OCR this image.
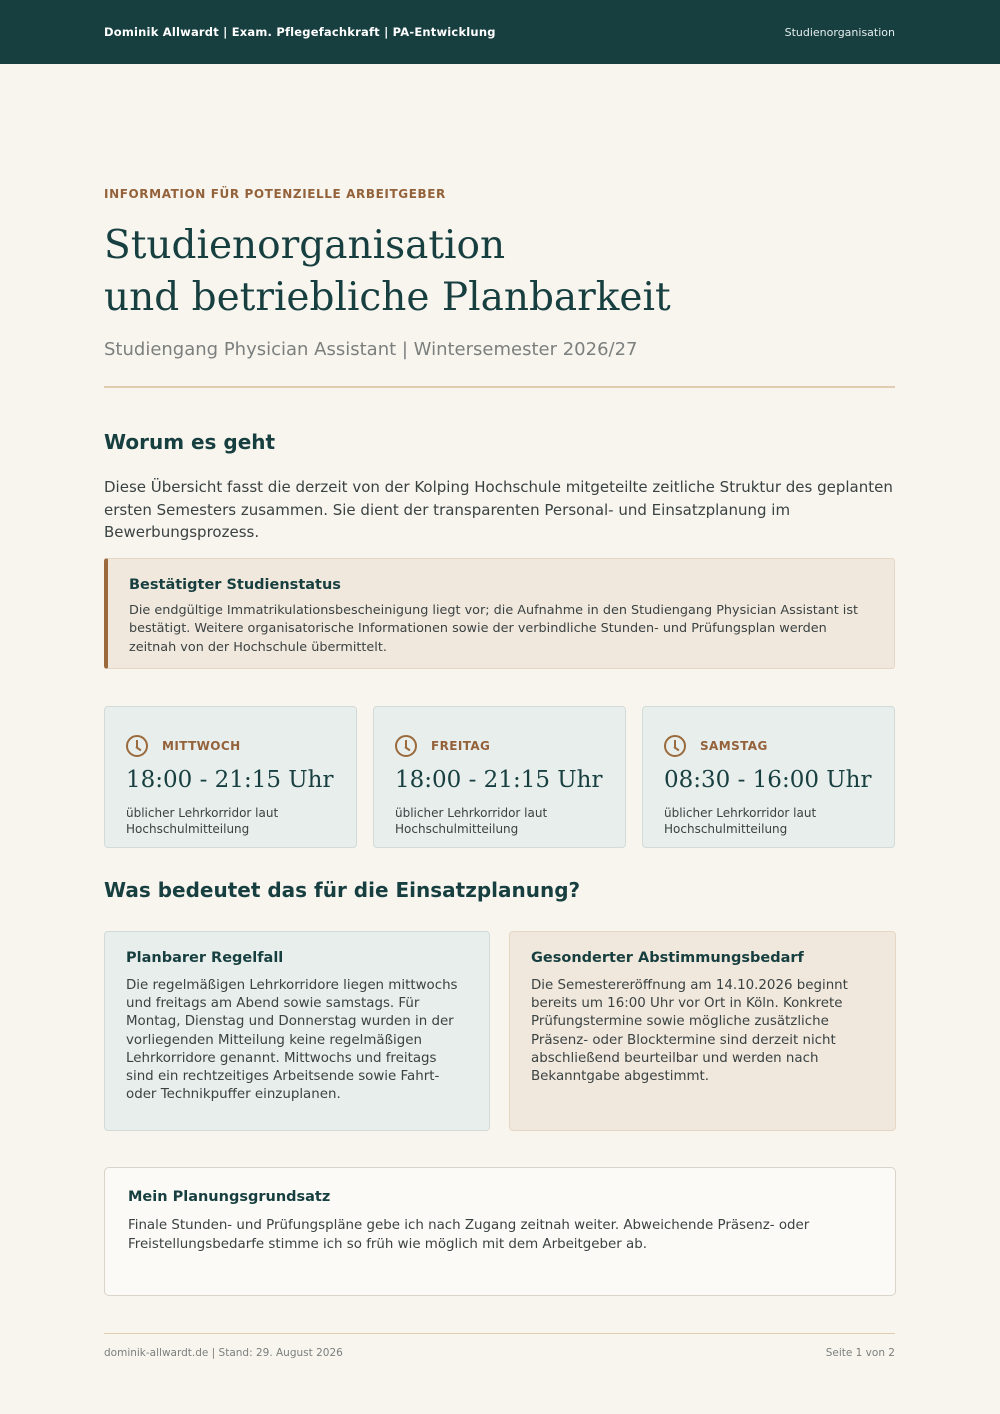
Dominik Allwardt | Exam. Pflegefachkraft | PA-Entwicklung	Studienorganisation
INFORMATION FÜR POTENZIELLE ARBEITGEBER
Studienorganisation
und betriebliche Planbarkeit
Studiengang Physician Assistant | Wintersemester 2026/27
Worum es geht

Diese Übersicht fasst die derzeit von der Kolping Hochschule mitgeteilte zeitliche Struktur des geplanten ersten Semesters zusammen. Sie dient der transparenten Personal- und Einsatzplanung im Bewerbungsprozess.

Bestätigter Studienstatus
Die endgültige Immatrikulationsbescheinigung liegt vor; die Aufnahme in den Studiengang Physician Assistant ist bestätigt. Weitere organisatorische Informationen sowie der verbindliche Stunden- und Prüfungsplan werden zeitnah von der Hochschule übermittelt.
MITTWOCH
18:00 - 21:15 Uhr
üblicher Lehrkorridor laut Hochschulmitteilung
FREITAG
18:00 - 21:15 Uhr
üblicher Lehrkorridor laut Hochschulmitteilung
SAMSTAG
08:30 - 16:00 Uhr
üblicher Lehrkorridor laut Hochschulmitteilung
Was bedeutet das für die Einsatzplanung?
Planbarer Regelfall
Die regelmäßigen Lehrkorridore liegen mittwochs und freitags am Abend sowie samstags. Für Montag, Dienstag und Donnerstag wurden in der vorliegenden Mitteilung keine regelmäßigen Lehrkorridore genannt. Mittwochs und freitags sind ein rechtzeitiges Arbeitsende sowie Fahrt- oder Technikpuffer einzuplanen.
Gesonderter Abstimmungsbedarf
Die Semestereröffnung am 14.10.2026 beginnt bereits um 16:00 Uhr vor Ort in Köln. Konkrete Prüfungstermine sowie mögliche zusätzliche Präsenz- oder Blocktermine sind derzeit nicht abschließend beurteilbar und werden nach Bekanntgabe abgestimmt.
Mein Planungsgrundsatz
Finale Stunden- und Prüfungspläne gebe ich nach Zugang zeitnah weiter. Abweichende Präsenz- oder Freistellungsbedarfe stimme ich so früh wie möglich mit dem Arbeitgeber ab.
dominik-allwardt.de | Stand: 29. August 2026	Seite 1 von 2
